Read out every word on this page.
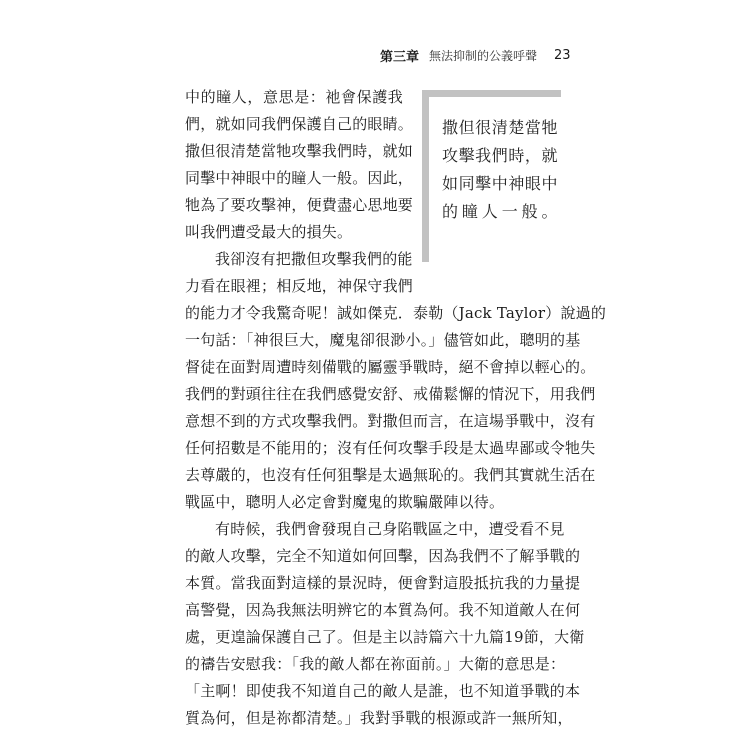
第三章 無法抑制的公義呼聲 23

撒但很清楚當牠攻擊我們時，就如同擊中神眼中的瞳人一般。

中的瞳人，意思是：祂會保護我
們，就如同我們保護自己的眼睛。
撒但很清楚當牠攻擊我們時，就如
同擊中神眼中的瞳人一般。因此，
牠為了要攻擊神，便費盡心思地要
叫我們遭受最大的損失。
我卻沒有把撒但攻擊我們的能
力看在眼裡；相反地，神保守我們
的能力才令我驚奇呢！誠如傑克．泰勒（Jack Taylor）說過的
一句話：「神很巨大，魔鬼卻很渺小。」儘管如此，聰明的基
督徒在面對周遭時刻備戰的屬靈爭戰時，絕不會掉以輕心的。
我們的對頭往往在我們感覺安舒、戒備鬆懈的情況下，用我們
意想不到的方式攻擊我們。對撒但而言，在這場爭戰中，沒有
任何招數是不能用的；沒有任何攻擊手段是太過卑鄙或令牠失
去尊嚴的，也沒有任何狙擊是太過無恥的。我們其實就生活在
戰區中，聰明人必定會對魔鬼的欺騙嚴陣以待。
有時候，我們會發現自己身陷戰區之中，遭受看不見
的敵人攻擊，完全不知道如何回擊，因為我們不了解爭戰的
本質。當我面對這樣的景況時，便會對這股抵抗我的力量提
高警覺，因為我無法明辨它的本質為何。我不知道敵人在何
處，更遑論保護自己了。但是主以詩篇六十九篇19節，大衛
的禱告安慰我：「我的敵人都在祢面前。」大衛的意思是：
「主啊！即使我不知道自己的敵人是誰，也不知道爭戰的本
質為何，但是祢都清楚。」我對爭戰的根源或許一無所知，
